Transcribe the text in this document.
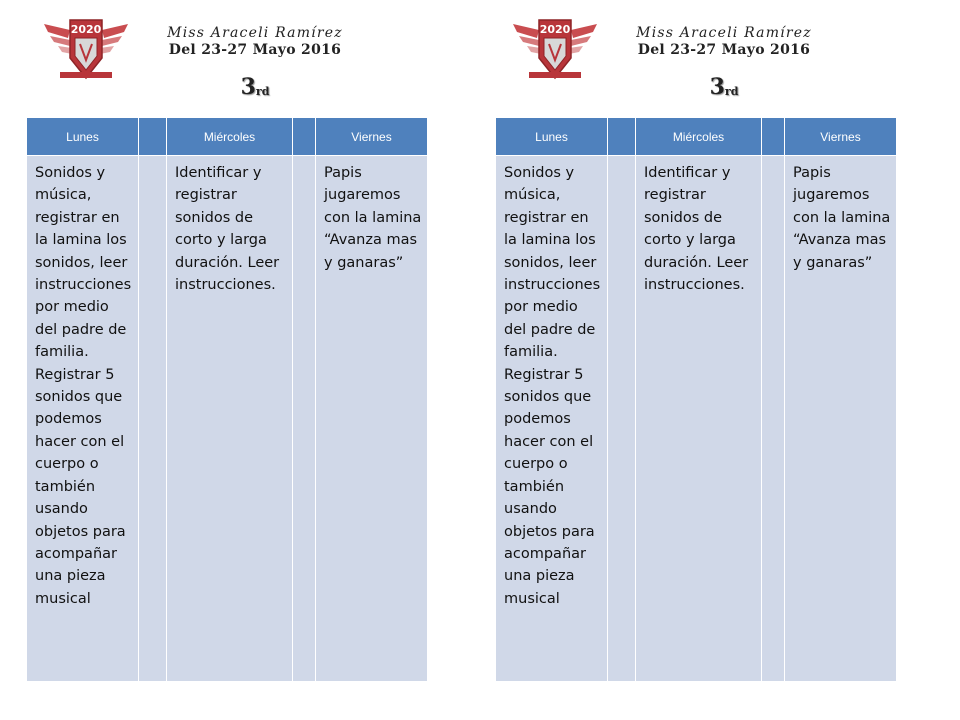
2020	Miss Araceli Ramírez
Del 23-27 Mayo 2016
3rd
Lunes		Miércoles		Viernes

Sonidos y música, registrar en la lamina los sonidos, leer instrucciones por medio del padre de familia. Registrar 5 sonidos que podemos hacer con el cuerpo o también usando objetos para acompañar una pieza musical		Identificar y registrar sonidos de corto y larga duración. Leer instrucciones.		Papis jugaremos con la lamina “Avanza mas y ganaras”
2020	Miss Araceli Ramírez
Del 23-27 Mayo 2016
3rd
Lunes		Miércoles		Viernes

Sonidos y música, registrar en la lamina los sonidos, leer instrucciones por medio del padre de familia. Registrar 5 sonidos que podemos hacer con el cuerpo o también usando objetos para acompañar una pieza musical		Identificar y registrar sonidos de corto y larga duración. Leer instrucciones.		Papis jugaremos con la lamina “Avanza mas y ganaras”
